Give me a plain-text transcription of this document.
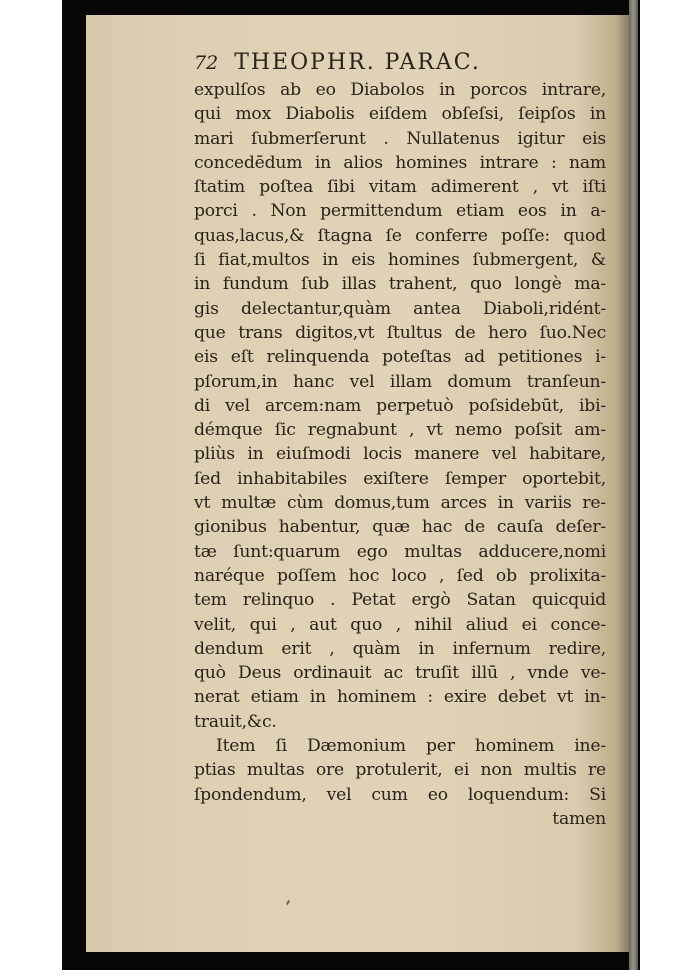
72 THEOPHR. PARAC.
expulſos ab eo Diabolos in porcos intrare,
qui mox Diabolis eiſdem obſeſsi, ſeipſos in
mari ſubmerſerunt . Nullatenus igitur eis
concedēdum in alios homines intrare : nam
ſtatim poſtea ſibi vitam adimerent , vt iſti
porci . Non permittendum etiam eos in a-
quas,lacus,& ſtagna ſe conferre poſſe: quod
ſi fiat,multos in eis homines ſubmergent, &
in fundum ſub illas trahent, quo longè ma-
gis delectantur,quàm antea Diaboli,ridént-
que trans digitos,vt ſtultus de hero ſuo.Nec
eis eſt relinquenda poteſtas ad petitiones i-
pſorum,in hanc vel illam domum tranſeun-
di vel arcem:nam perpetuò poſsidebūt, ibi-
démque ſic regnabunt , vt nemo poſsit am-
pliùs in eiuſmodi locis manere vel habitare,
ſed inhabitabiles exiſtere ſemper oportebit,
vt multæ cùm domus,tum arces in variis re-
gionibus habentur, quæ hac de cauſa deſer-
tæ ſunt:quarum ego multas adducere,nomi
naréque poſſem hoc loco , ſed ob prolixita-
tem relinquo . Petat ergò Satan quicquid
velit, qui , aut quo , nihil aliud ei conce-
dendum erit , quàm in infernum redire,
quò Deus ordinauit ac truſit illū , vnde ve-
nerat etiam in hominem : exire debet vt in-
trauit,&c.
Item ſi Dæmonium per hominem ine-
ptias multas ore protulerit, ei non multis re
ſpondendum, vel cum eo loquendum: Si
tamen
